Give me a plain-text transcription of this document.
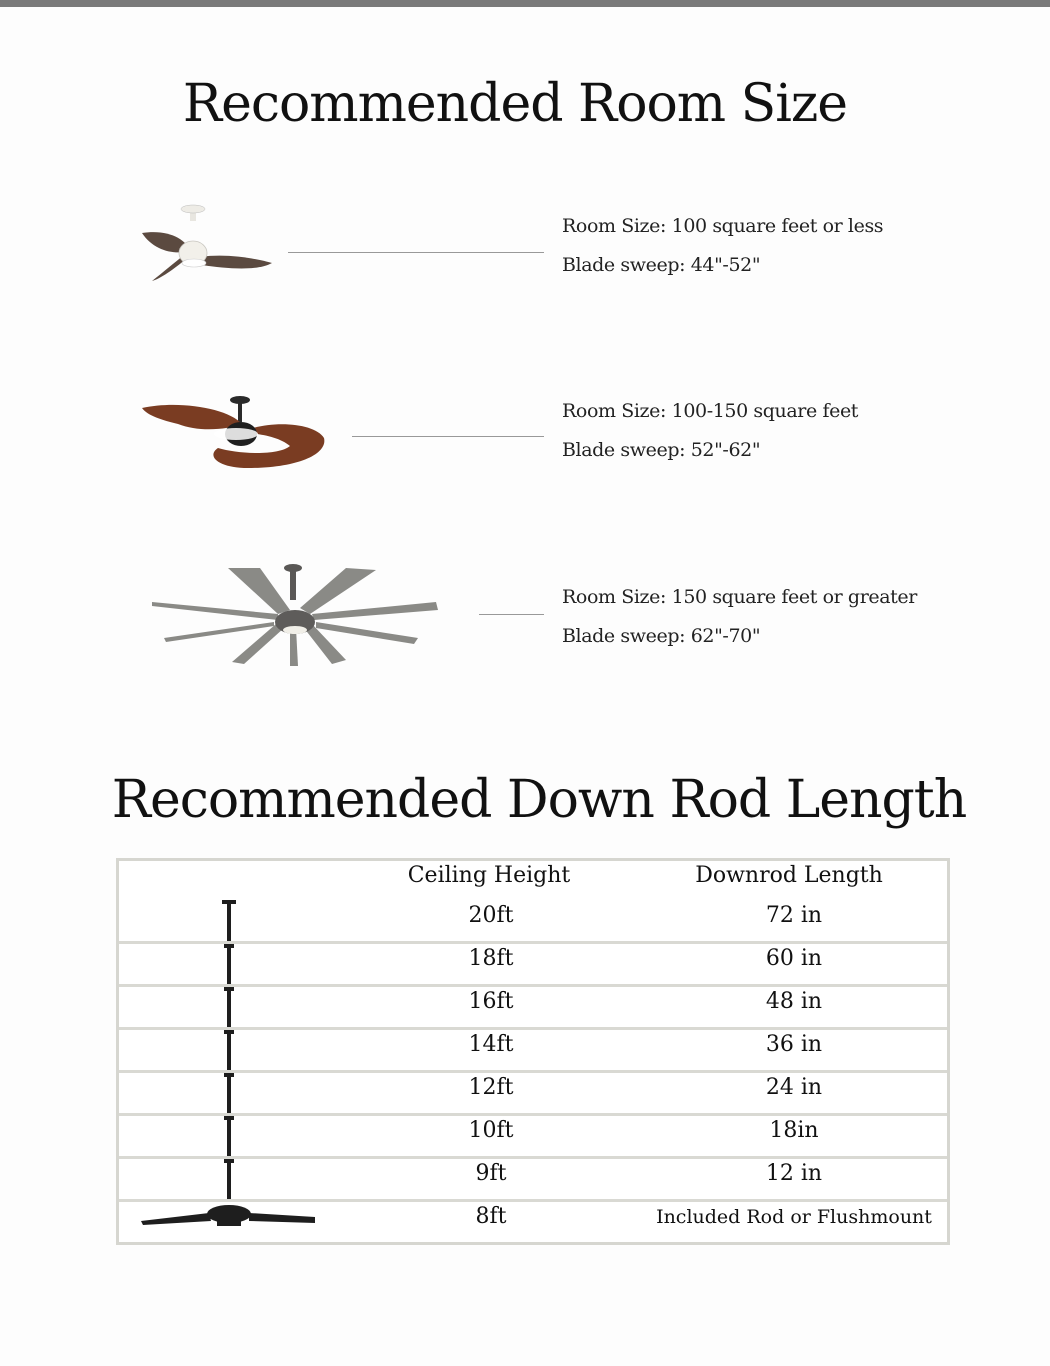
Recommended Room Size
Room Size: 100 square feet or less
Blade sweep: 44"-52"
Room Size: 100-150 square feet
Blade sweep: 52"-62"
Room Size: 150 square feet or greater
Blade sweep: 62"-70"
Recommended Down Rod Length
Ceiling Height	Downrod Length
20ft	72 in
18ft	60 in
16ft	48 in
14ft	36 in
12ft	24 in
10ft	18in
9ft	12 in
8ft	Included Rod or Flushmount
